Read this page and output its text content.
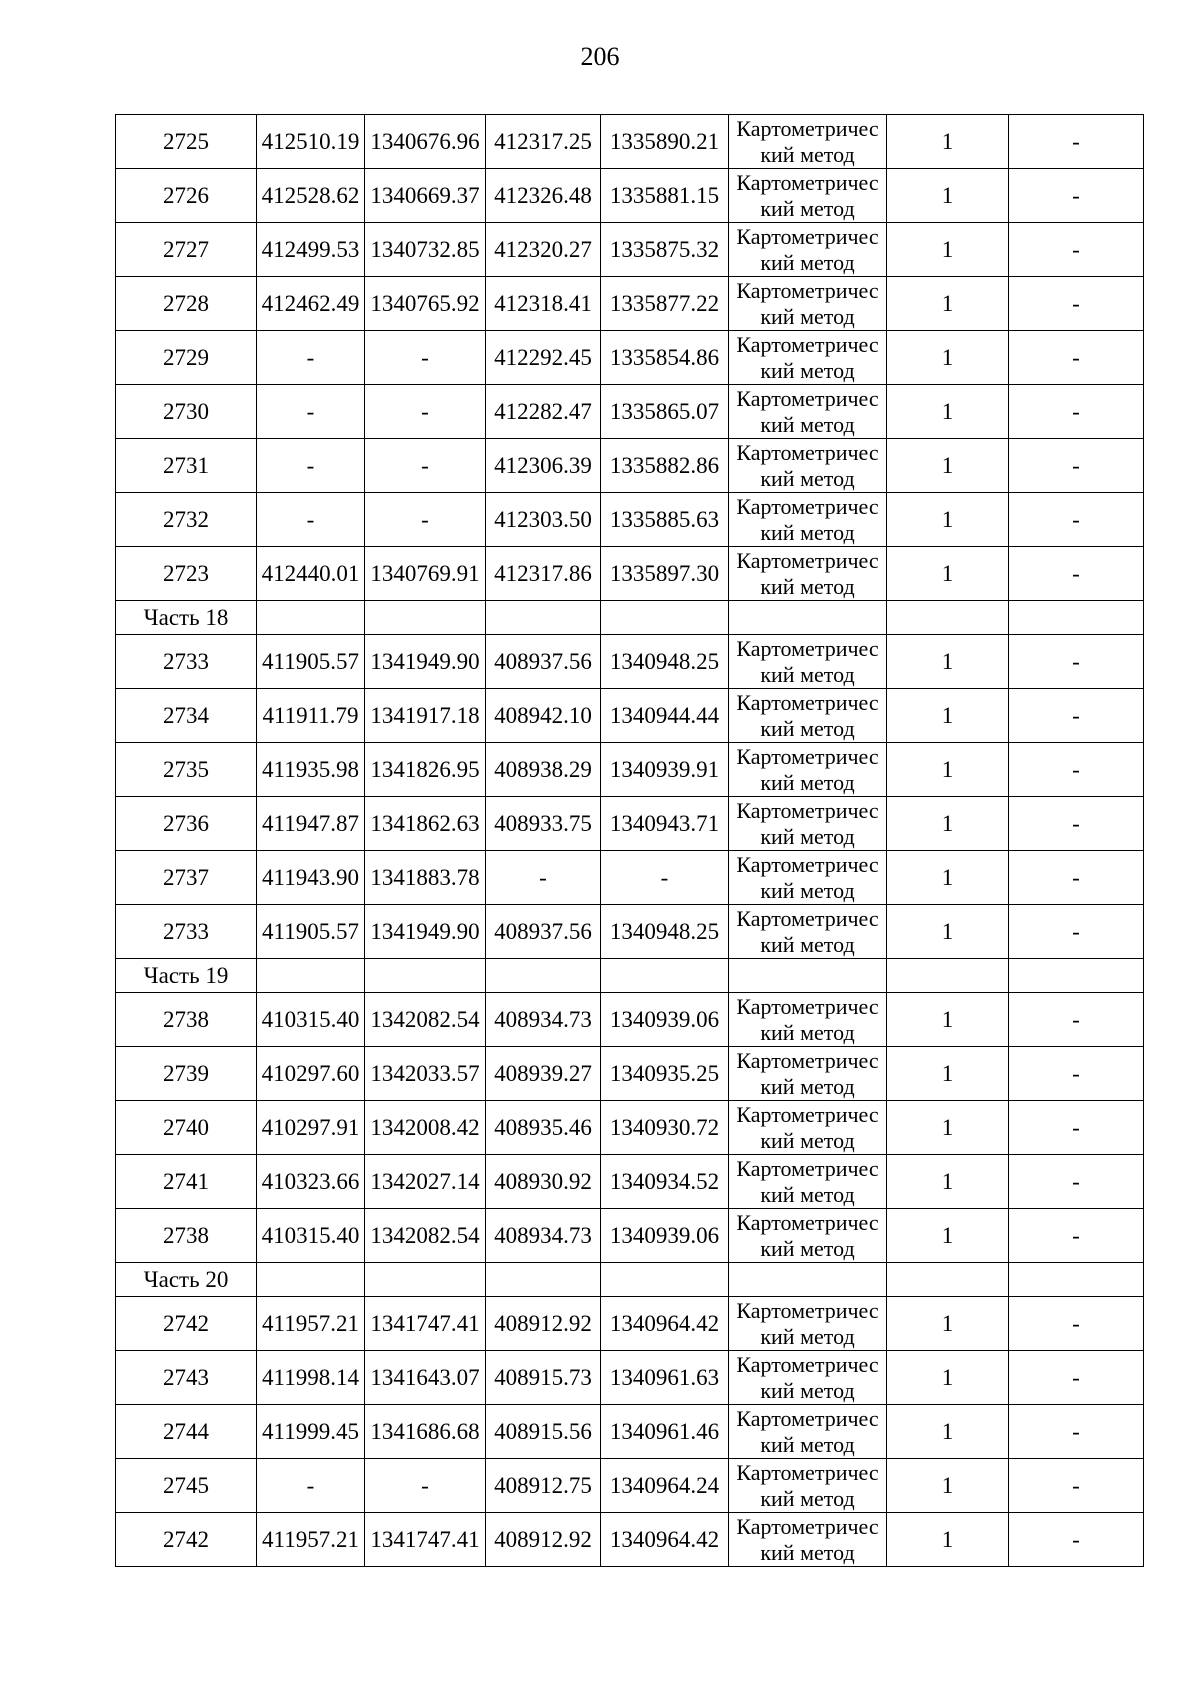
206
2725	412510.19	1340676.96	412317.25	1335890.21	Картометричес
кий метод	1	-
2726	412528.62	1340669.37	412326.48	1335881.15	Картометричес
кий метод	1	-
2727	412499.53	1340732.85	412320.27	1335875.32	Картометричес
кий метод	1	-
2728	412462.49	1340765.92	412318.41	1335877.22	Картометричес
кий метод	1	-
2729	-	-	412292.45	1335854.86	Картометричес
кий метод	1	-
2730	-	-	412282.47	1335865.07	Картометричес
кий метод	1	-
2731	-	-	412306.39	1335882.86	Картометричес
кий метод	1	-
2732	-	-	412303.50	1335885.63	Картометричес
кий метод	1	-
2723	412440.01	1340769.91	412317.86	1335897.30	Картометричес
кий метод	1	-
Часть 18							
2733	411905.57	1341949.90	408937.56	1340948.25	Картометричес
кий метод	1	-
2734	411911.79	1341917.18	408942.10	1340944.44	Картометричес
кий метод	1	-
2735	411935.98	1341826.95	408938.29	1340939.91	Картометричес
кий метод	1	-
2736	411947.87	1341862.63	408933.75	1340943.71	Картометричес
кий метод	1	-
2737	411943.90	1341883.78	-	-	Картометричес
кий метод	1	-
2733	411905.57	1341949.90	408937.56	1340948.25	Картометричес
кий метод	1	-
Часть 19							
2738	410315.40	1342082.54	408934.73	1340939.06	Картометричес
кий метод	1	-
2739	410297.60	1342033.57	408939.27	1340935.25	Картометричес
кий метод	1	-
2740	410297.91	1342008.42	408935.46	1340930.72	Картометричес
кий метод	1	-
2741	410323.66	1342027.14	408930.92	1340934.52	Картометричес
кий метод	1	-
2738	410315.40	1342082.54	408934.73	1340939.06	Картометричес
кий метод	1	-
Часть 20							
2742	411957.21	1341747.41	408912.92	1340964.42	Картометричес
кий метод	1	-
2743	411998.14	1341643.07	408915.73	1340961.63	Картометричес
кий метод	1	-
2744	411999.45	1341686.68	408915.56	1340961.46	Картометричес
кий метод	1	-
2745	-	-	408912.75	1340964.24	Картометричес
кий метод	1	-
2742	411957.21	1341747.41	408912.92	1340964.42	Картометричес
кий метод	1	-
